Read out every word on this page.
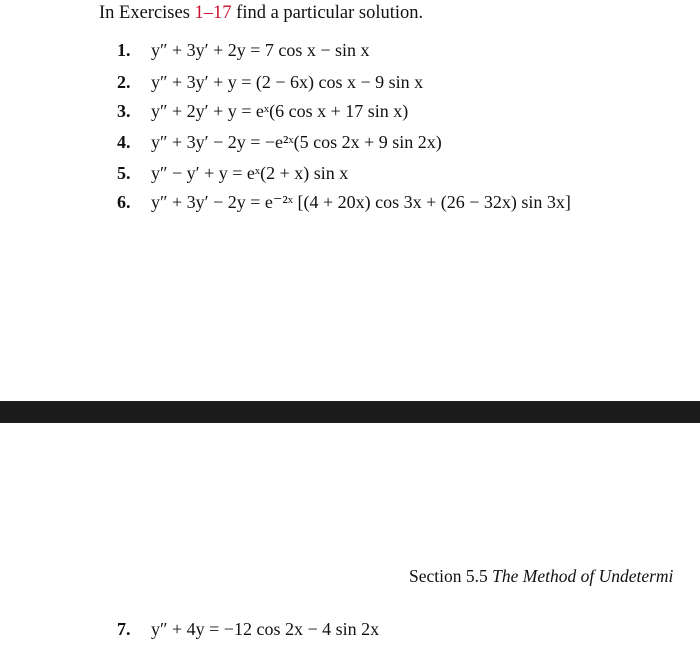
In Exercises 1–17 find a particular solution.
1. y″ + 3y′ + 2y = 7 cos x − sin x
2. y″ + 3y′ + y = (2 − 6x) cos x − 9 sin x
3. y″ + 2y′ + y = eˣ(6 cos x + 17 sin x)
4. y″ + 3y′ − 2y = −e²ˣ(5 cos 2x + 9 sin 2x)
5. y″ − y′ + y = eˣ(2 + x) sin x
6. y″ + 3y′ − 2y = e⁻²ˣ [(4 + 20x) cos 3x + (26 − 32x) sin 3x]
Section 5.5 The Method of Undetermi
7. y″ + 4y = −12 cos 2x − 4 sin 2x
